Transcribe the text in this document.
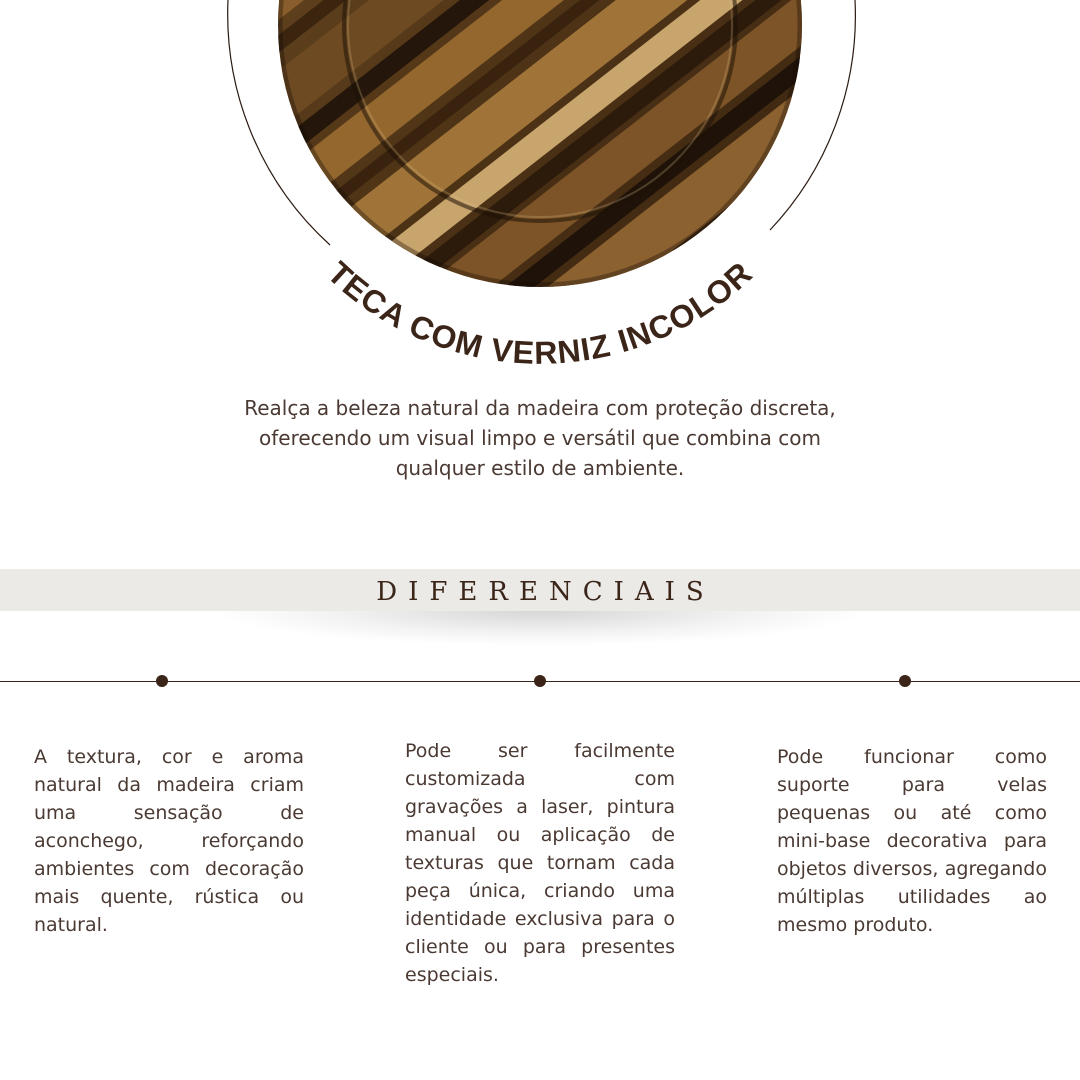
TECA COM VERNIZ INCOLOR
Realça a beleza natural da madeira com proteção discreta, oferecendo um visual limpo e versátil que combina com qualquer estilo de ambiente.
DIFERENCIAIS
A textura, cor e aroma natural da madeira criam uma sensação de aconchego, reforçando ambientes com decoração mais quente, rústica ou natural.
Pode ser facilmente customizada com gravações a laser, pintura manual ou aplicação de texturas que tornam cada peça única, criando uma identidade exclusiva para o cliente ou para presentes especiais.
Pode funcionar como suporte para velas pequenas ou até como mini-base decorativa para objetos diversos, agregando múltiplas utilidades ao mesmo produto.
